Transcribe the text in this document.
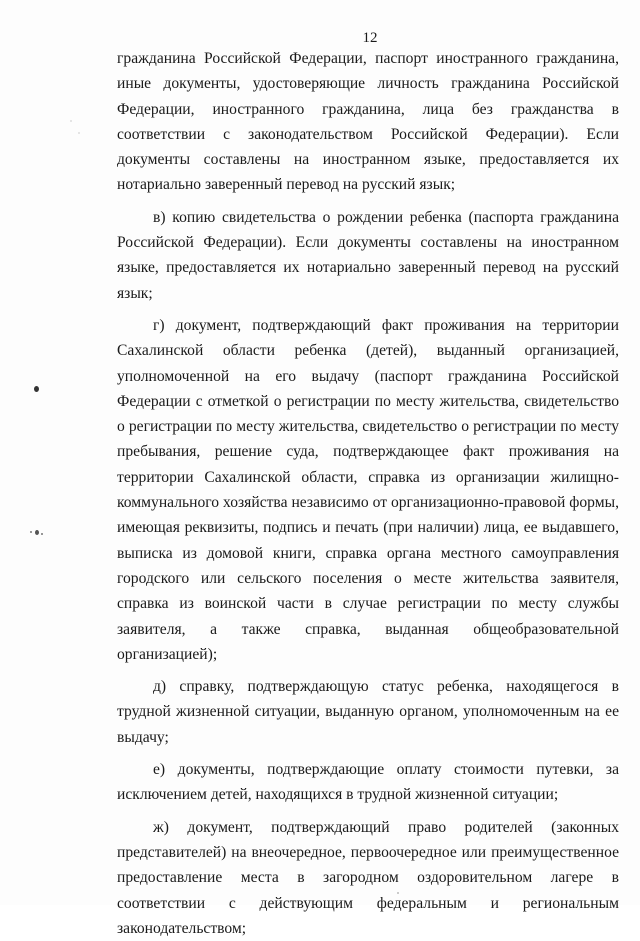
12

гражданина Российской Федерации, паспорт иностранного гражданина, иные документы, удостоверяющие личность гражданина Российской Федерации, иностранного гражданина, лица без гражданства в соответствии с законодательством Российской Федерации). Если документы составлены на иностранном языке, предоставляется их нотариально заверенный перевод на русский язык;

в) копию свидетельства о рождении ребенка (паспорта гражданина Российской Федерации). Если документы составлены на иностранном языке, предоставляется их нотариально заверенный перевод на русский язык;

г) документ, подтверждающий факт проживания на территории Сахалинской области ребенка (детей), выданный организацией, уполномоченной на его выдачу (паспорт гражданина Российской Федерации с отметкой о регистрации по месту жительства, свидетельство о регистрации по месту жительства, свидетельство о регистрации по месту пребывания, решение суда, подтверждающее факт проживания на территории Сахалинской области, справка из организации жилищно-коммунального хозяйства независимо от организационно-правовой формы, имеющая реквизиты, подпись и печать (при наличии) лица, ее выдавшего, выписка из домовой книги, справка органа местного самоуправления городского или сельского поселения о месте жительства заявителя, справка из воинской части в случае регистрации по месту службы заявителя, а также справка, выданная общеобразовательной организацией);

д) справку, подтверждающую статус ребенка, находящегося в трудной жизненной ситуации, выданную органом, уполномоченным на ее выдачу;

е) документы, подтверждающие оплату стоимости путевки, за исключением детей, находящихся в трудной жизненной ситуации;

ж) документ, подтверждающий право родителей (законных представителей) на внеочередное, первоочередное или преимущественное предоставление места в загородном оздоровительном лагере в соответствии с действующим федеральным и региональным законодательством;
